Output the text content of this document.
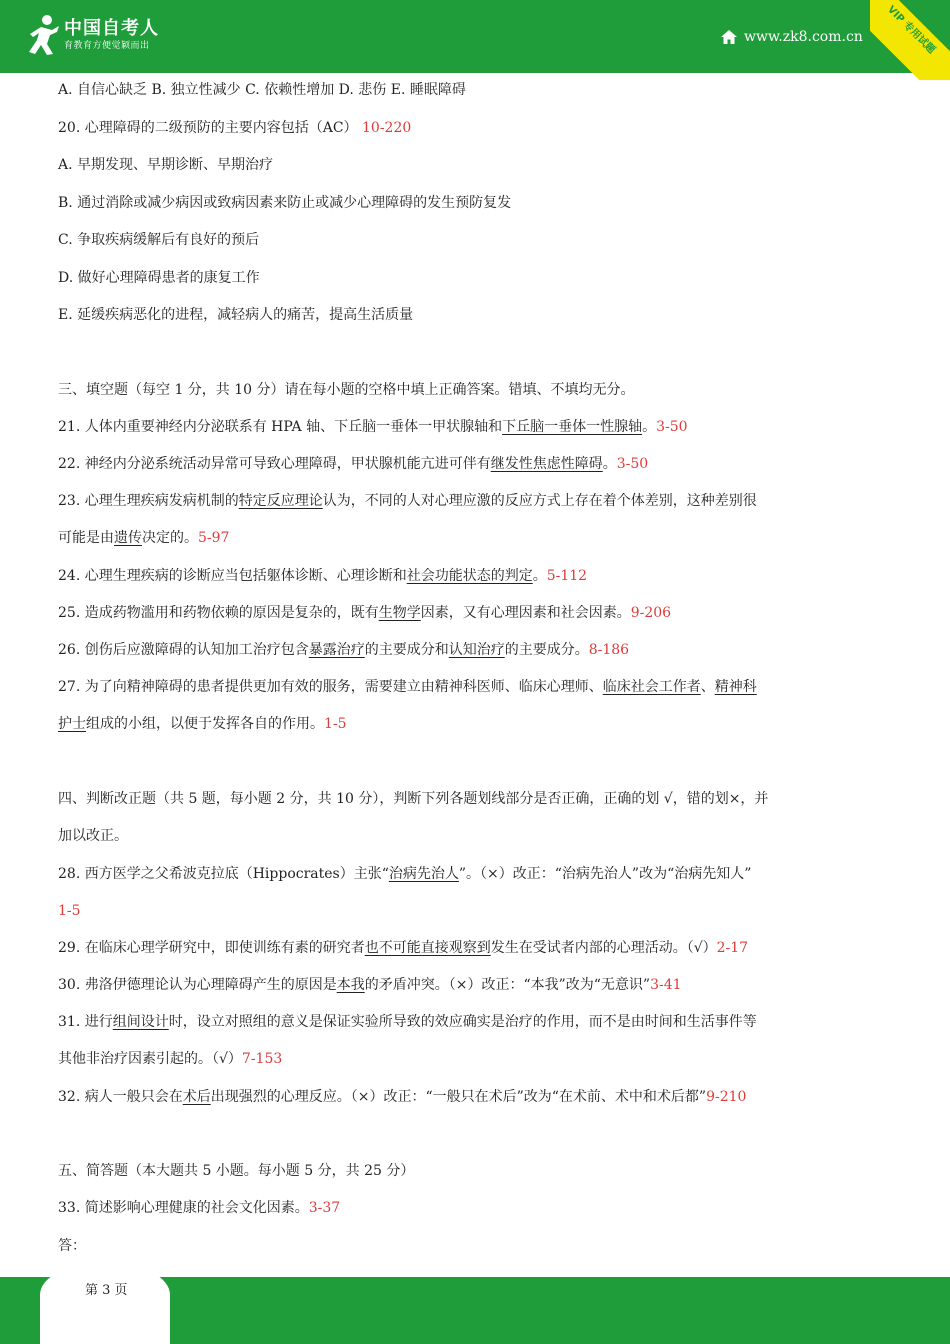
中国自考人
育教育方便觉颖而出
www.zk8.com.cn	VIP 专用试题
A. 自信心缺乏 B. 独立性减少 C. 依赖性增加 D. 悲伤 E. 睡眠障碍
20. 心理障碍的二级预防的主要内容包括（AC） 10-220
A. 早期发现、早期诊断、早期治疗
B. 通过消除或减少病因或致病因素来防止或减少心理障碍的发生预防复发
C. 争取疾病缓解后有良好的预后
D. 做好心理障碍患者的康复工作
E. 延缓疾病恶化的进程，减轻病人的痛苦，提高生活质量
三、填空题（每空 1 分，共 10 分）请在每小题的空格中填上正确答案。错填、不填均无分。
21. 人体内重要神经内分泌联系有 HPA 轴、下丘脑一垂体一甲状腺轴和下丘脑一垂体一性腺轴。3-50
22. 神经内分泌系统活动异常可导致心理障碍，甲状腺机能亢进可伴有继发性焦虑性障碍。3-50
23. 心理生理疾病发病机制的特定反应理论认为，不同的人对心理应激的反应方式上存在着个体差别，这种差别很
可能是由遗传决定的。5-97
24. 心理生理疾病的诊断应当包括躯体诊断、心理诊断和社会功能状态的判定。5-112
25. 造成药物滥用和药物依赖的原因是复杂的，既有生物学因素，又有心理因素和社会因素。9-206
26. 创伤后应激障碍的认知加工治疗包含暴露治疗的主要成分和认知治疗的主要成分。8-186
27. 为了向精神障碍的患者提供更加有效的服务，需要建立由精神科医师、临床心理师、临床社会工作者、精神科
护士组成的小组，以便于发挥各自的作用。1-5
四、判断改正题（共 5 题，每小题 2 分，共 10 分），判断下列各题划线部分是否正确，正确的划 √，错的划×，并
加以改正。
28. 西方医学之父希波克拉底（Hippocrates）主张“治病先治人”。（×）改正：“治病先治人”改为“治病先知人”
1-5
29. 在临床心理学研究中，即使训练有素的研究者也不可能直接观察到发生在受试者内部的心理活动。（√）2-17
30. 弗洛伊德理论认为心理障碍产生的原因是本我的矛盾冲突。（×）改正：“本我”改为“无意识”3-41
31. 进行组间设计时，设立对照组的意义是保证实验所导致的效应确实是治疗的作用，而不是由时间和生活事件等
其他非治疗因素引起的。（√）7-153
32. 病人一般只会在术后出现强烈的心理反应。（×）改正：“一般只在术后”改为“在术前、术中和术后都”9-210
五、简答题（本大题共 5 小题。每小题 5 分，共 25 分）
33. 简述影响心理健康的社会文化因素。3-37
答：
第 3 页
